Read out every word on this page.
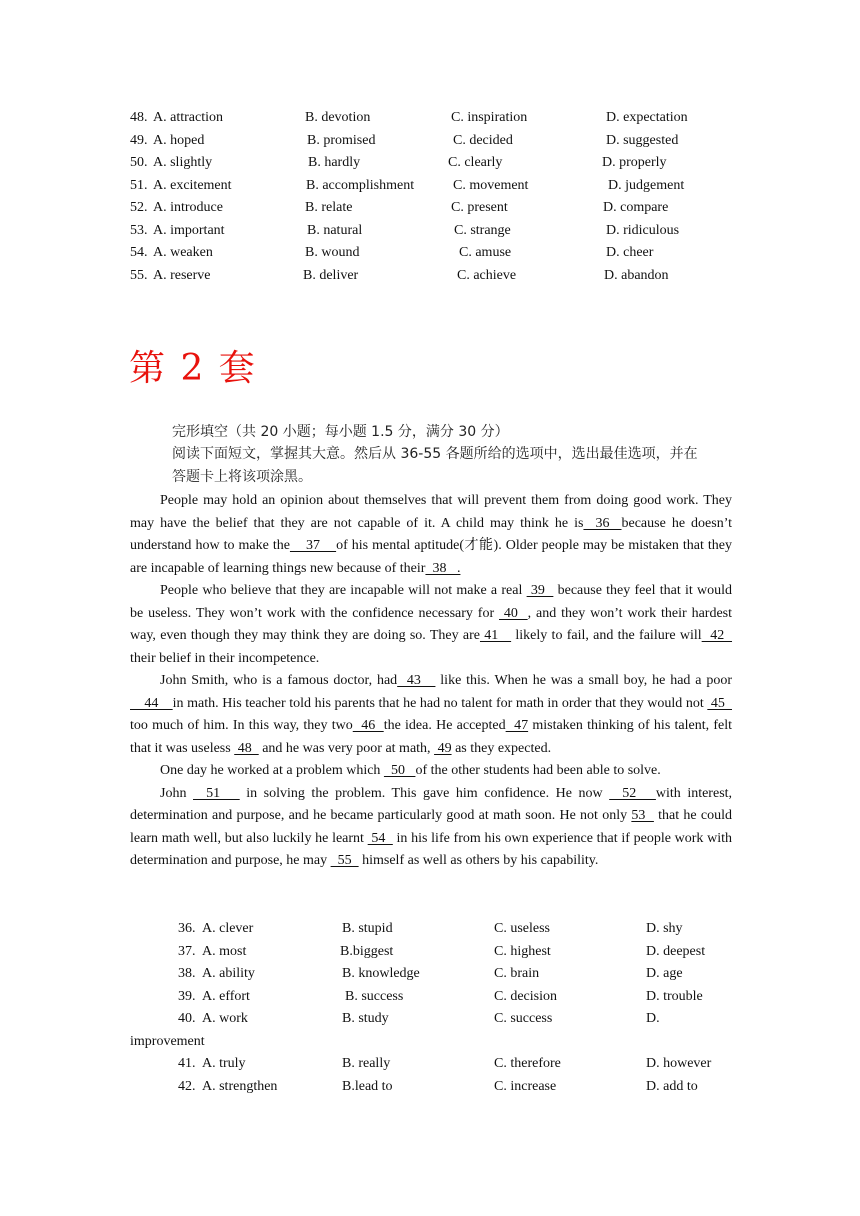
48. A. attraction	B. devotion	C. inspiration	D. expectation
49. A. hoped	B. promised	C. decided	D. suggested
50. A. slightly	B. hardly	C. clearly	D. properly
51. A. excitement	B. accomplishment	C. movement	D. judgement
52. A. introduce	B. relate	C. present	D. compare
53. A. important	B. natural	C. strange	D. ridiculous
54. A. weaken	B. wound	C. amuse	D. cheer
55. A. reserve	B. deliver	C. achieve	D. abandon
第 2 套
完形填空（共 20 小题；每小题 1.5 分，满分 30 分）
阅读下面短文，掌握其大意。然后从 36-55 各题所给的选项中，选出最佳选项，并在
答题卡上将该项涂黑。

People may hold an opinion about themselves that will prevent them from doing good work. They may have the belief that they are not capable of it. A child may think he is  36  because he doesn’t understand how to make the    37    of his mental aptitude(才能). Older people may be mistaken that they are incapable of learning things new because of their  38   .

People who believe that they are incapable will not make a real  39   because they feel that it would be useless. They won’t work with the confidence necessary for  40  , and they won’t work their hardest way, even though they may think they are doing so. They are 41    likely to fail, and the failure will  42   their belief in their incompetence.

John Smith, who is a famous doctor, had  43    like this. When he was a small boy, he had a poor    44    in math. His teacher told his parents that he had no talent for math in order that they would not  45   too much of him. In this way, they two  46  the idea. He accepted  47 mistaken thinking of his talent, felt that it was useless  48   and he was very poor at math,  49 as they expected.

One day he worked at a problem which   50   of the other students had been able to solve.

John   51    in solving the problem. This gave him confidence. He now   52   with interest, determination and purpose, and he became particularly good at math soon. He not only 53   that he could learn math well, but also luckily he learnt  54   in his life from his own experience that if people work with determination and purpose, he may   55   himself as well as others by his capability.

36. A. clever	B. stupid	C. useless	D. shy
37. A. most	B.biggest	C. highest	D. deepest
38. A. ability	B. knowledge	C. brain	D. age
39. A. effort	B. success	C. decision	D. trouble
40. A. work	B. study	C. success	D.
improvement
41. A. truly	B. really	C. therefore	D. however
42. A. strengthen	B.lead to	C. increase	D. add to
